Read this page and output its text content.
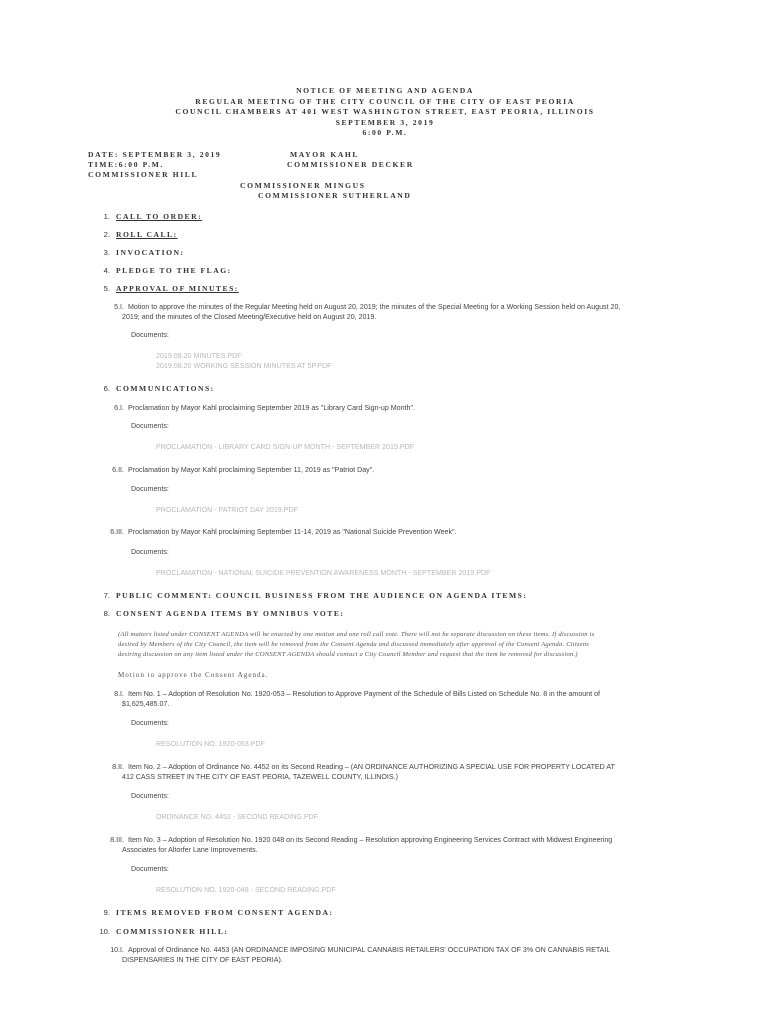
NOTICE OF MEETING AND AGENDA
REGULAR MEETING OF THE CITY COUNCIL OF THE CITY OF EAST PEORIA
COUNCIL CHAMBERS AT 401 WEST WASHINGTON STREET, EAST PEORIA, ILLINOIS
SEPTEMBER 3, 2019
6:00 P.M.
DATE: SEPTEMBER 3, 2019
TIME:6:00 P.M.
COMMISSIONER HILL
MAYOR KAHL
COMMISSIONER DECKER
COMMISSIONER MINGUS
COMMISSIONER SUTHERLAND
1. CALL TO ORDER:
2. ROLL CALL:
3. INVOCATION:
4. PLEDGE TO THE FLAG:
5. APPROVAL OF MINUTES:
5.I. Motion to approve the minutes of the Regular Meeting held on August 20, 2019; the minutes of the Special Meeting for a Working Session held on August 20,
2019; and the minutes of the Closed Meeting/Executive held on August 20, 2019.
Documents:
2019.08.20 MINUTES.PDF
2019.08.20 WORKING SESSION MINUTES AT 5P.PDF
6. COMMUNICATIONS:
6.I. Proclamation by Mayor Kahl proclaiming September 2019 as "Library Card Sign-up Month".
Documents:
PROCLAMATION - LIBRARY CARD SIGN-UP MONTH - SEPTEMBER 2019.PDF
6.II. Proclamation by Mayor Kahl proclaiming September 11, 2019 as "Patriot Day".
Documents:
PROCLAMATION - PATRIOT DAY 2019.PDF
6.III. Proclamation by Mayor Kahl proclaiming September 11-14, 2019 as "National Suicide Prevention Week".
Documents:
PROCLAMATION - NATIONAL SUICIDE PREVENTION AWARENESS MONTH - SEPTEMBER 2019.PDF
7. PUBLIC COMMENT: COUNCIL BUSINESS FROM THE AUDIENCE ON AGENDA ITEMS:
8. CONSENT AGENDA ITEMS BY OMNIBUS VOTE:
(All matters listed under CONSENT AGENDA will be enacted by one motion and one roll call vote. There will not be separate discussion on these items. If discussion is
desired by Members of the City Council, the item will be removed from the Consent Agenda and discussed immediately after approval of the Consent Agenda. Citizens
desiring discussion on any item listed under the CONSENT AGENDA should contact a City Council Member and request that the item be removed for discussion.)
Motion to approve the Consent Agenda.
8.I. Item No. 1 – Adoption of Resolution No. 1920-053 – Resolution to Approve Payment of the Schedule of Bills Listed on Schedule No. 8 in the amount of
$1,625,485.07.
Documents:
RESOLUTION NO. 1920-053.PDF
8.II. Item No. 2 – Adoption of Ordinance No. 4452 on its Second Reading – (AN ORDINANCE AUTHORIZING A SPECIAL USE FOR PROPERTY LOCATED AT
412 CASS STREET IN THE CITY OF EAST PEORIA, TAZEWELL COUNTY, ILLINOIS.)
Documents:
ORDINANCE NO. 4452 - SECOND READING.PDF
8.III. Item No. 3 – Adoption of Resolution No. 1920 048 on its Second Reading – Resolution approving Engineering Services Contract with Midwest Engineering
Associates for Altorfer Lane Improvements.
Documents:
RESOLUTION NO. 1920-048 - SECOND READING.PDF
9. ITEMS REMOVED FROM CONSENT AGENDA:
10. COMMISSIONER HILL:
10.I. Approval of Ordinance No. 4453 (AN ORDINANCE IMPOSING MUNICIPAL CANNABIS RETAILERS' OCCUPATION TAX OF 3% ON CANNABIS RETAIL
DISPENSARIES IN THE CITY OF EAST PEORIA).
